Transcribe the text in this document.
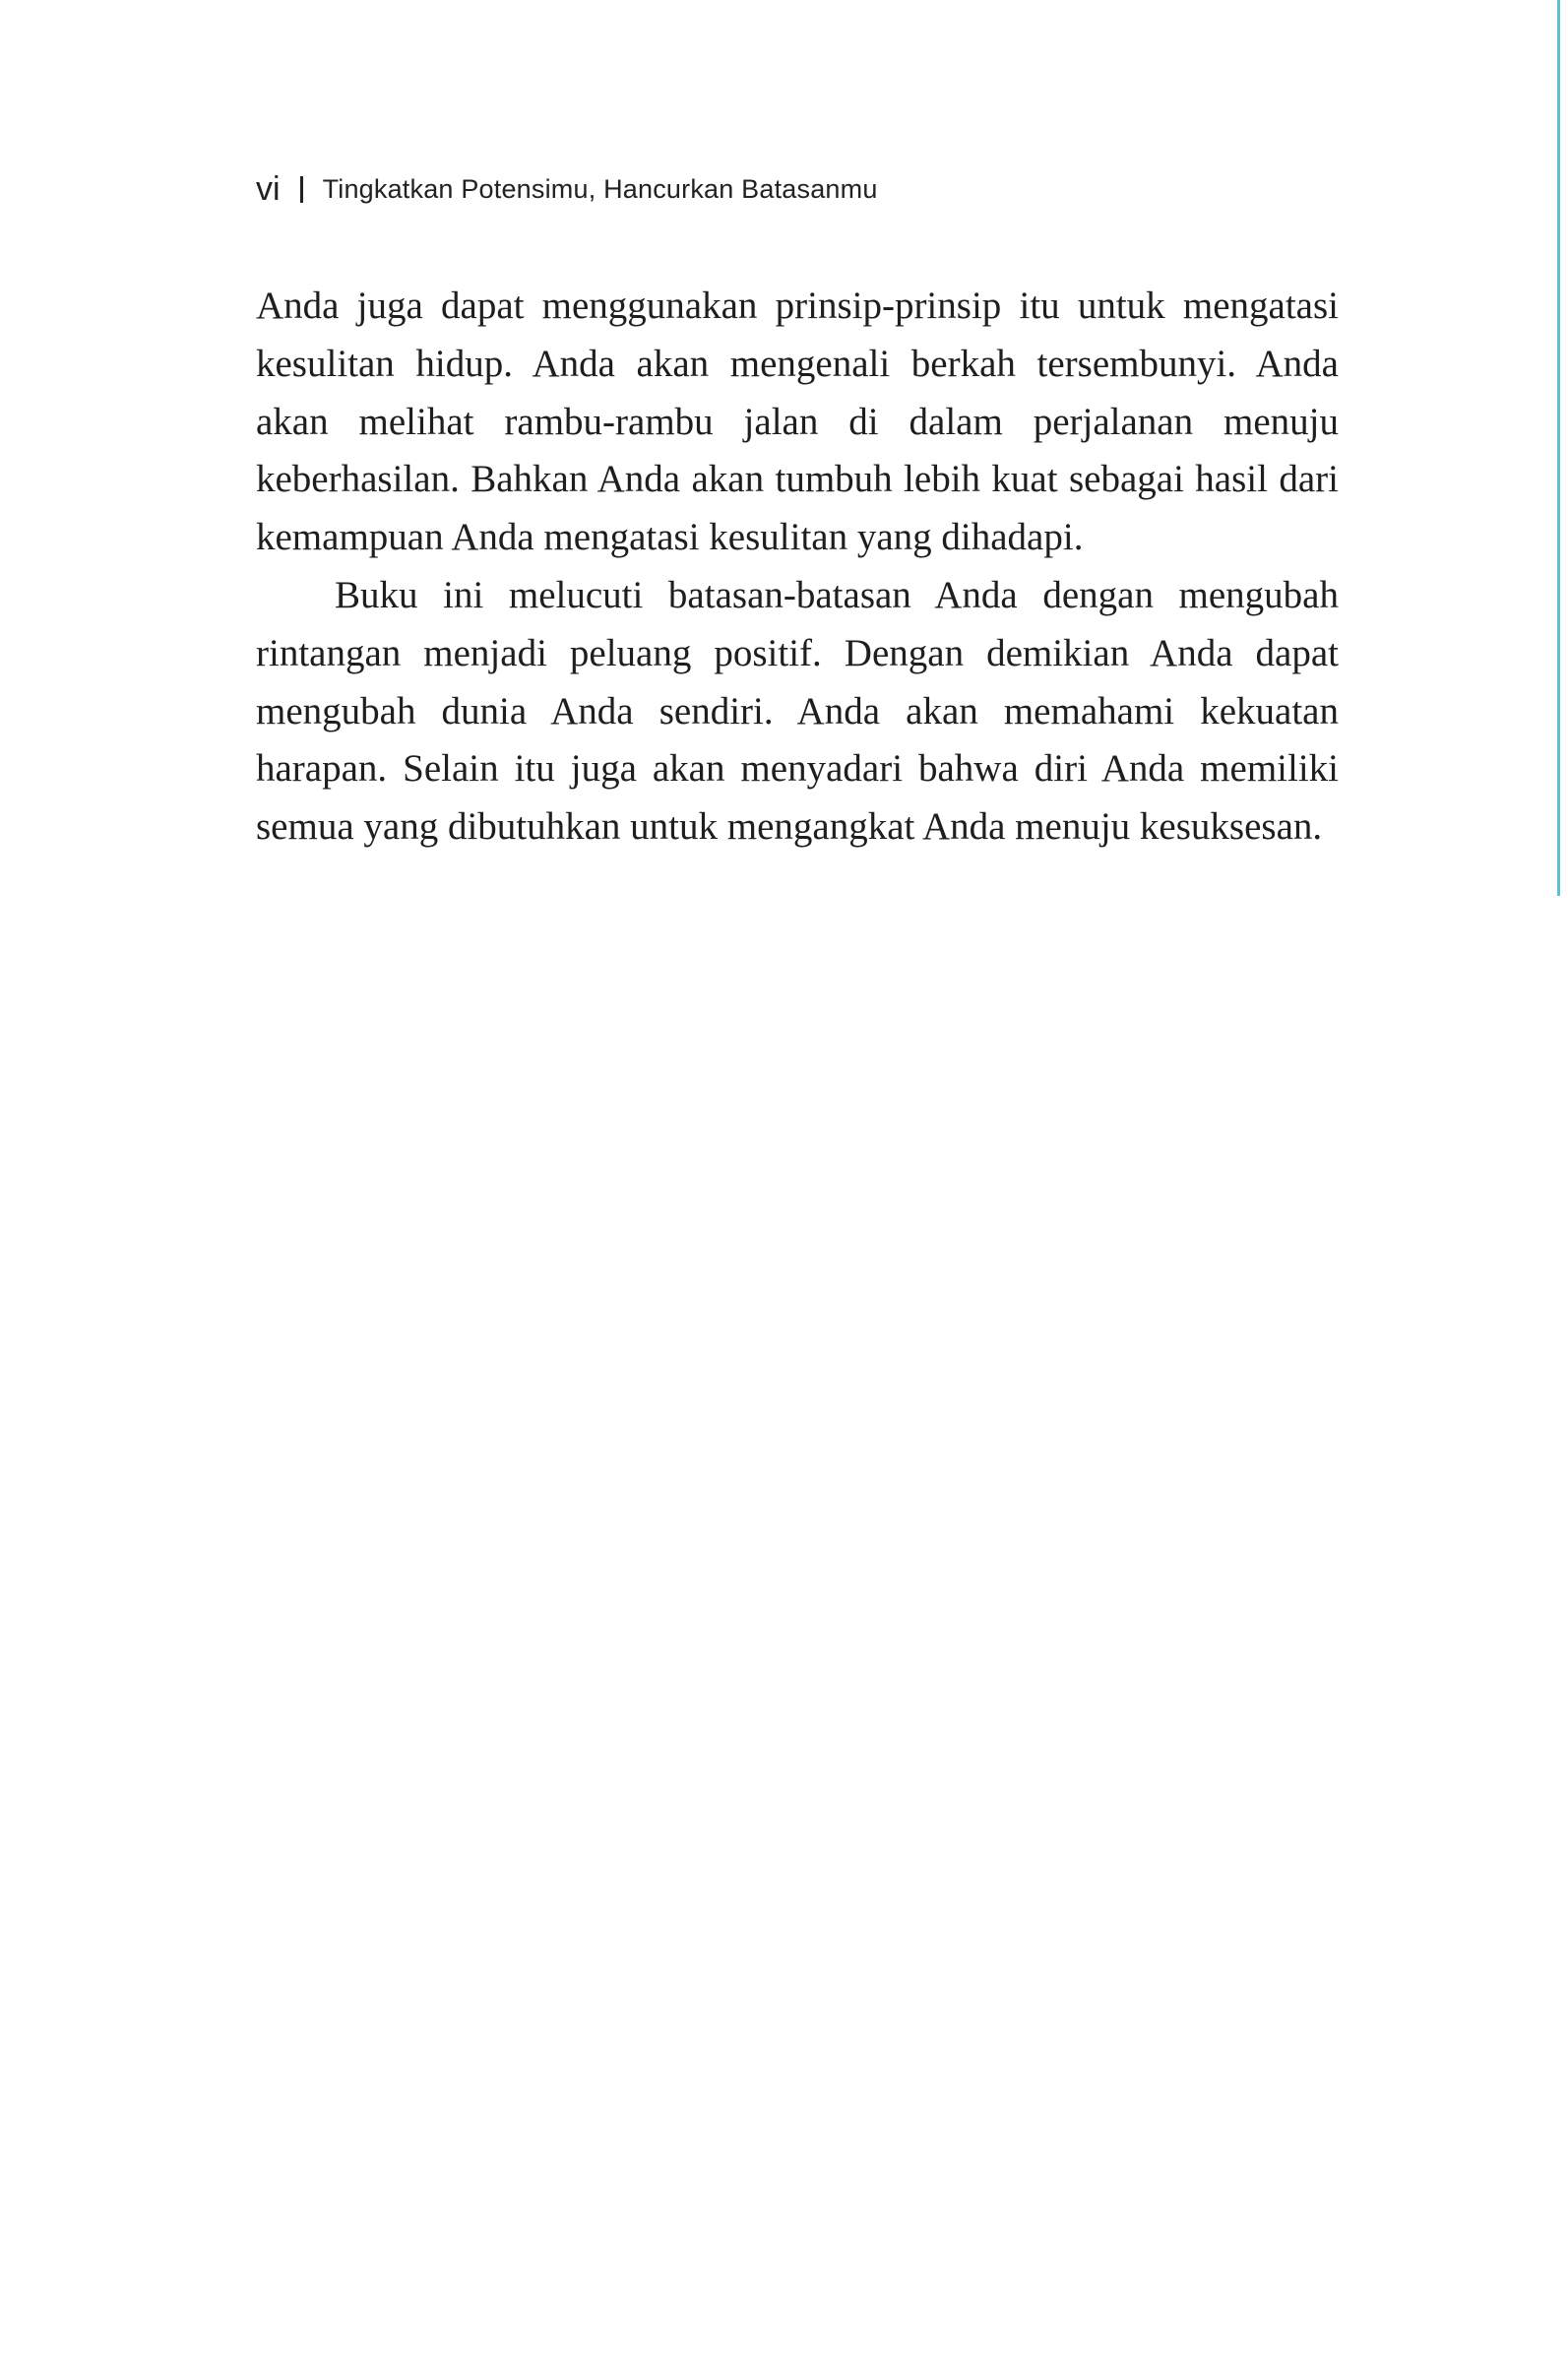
vi Tingkatkan Potensimu, Hancurkan Batasanmu

Anda juga dapat menggunakan prinsip-prinsip itu untuk mengatasi kesulitan hidup. Anda akan mengenali berkah tersembunyi. Anda akan melihat rambu-rambu jalan di dalam perjalanan menuju keberhasilan. Bahkan Anda akan tumbuh lebih kuat sebagai hasil dari kemampuan Anda mengatasi kesulitan yang dihadapi.

Buku ini melucuti batasan-batasan Anda dengan mengubah rintangan menjadi peluang positif. Dengan demikian Anda dapat mengubah dunia Anda sendiri. Anda akan memahami kekuatan harapan. Selain itu juga akan menyadari bahwa diri Anda memiliki semua yang dibutuhkan untuk mengangkat Anda menuju kesuksesan.
